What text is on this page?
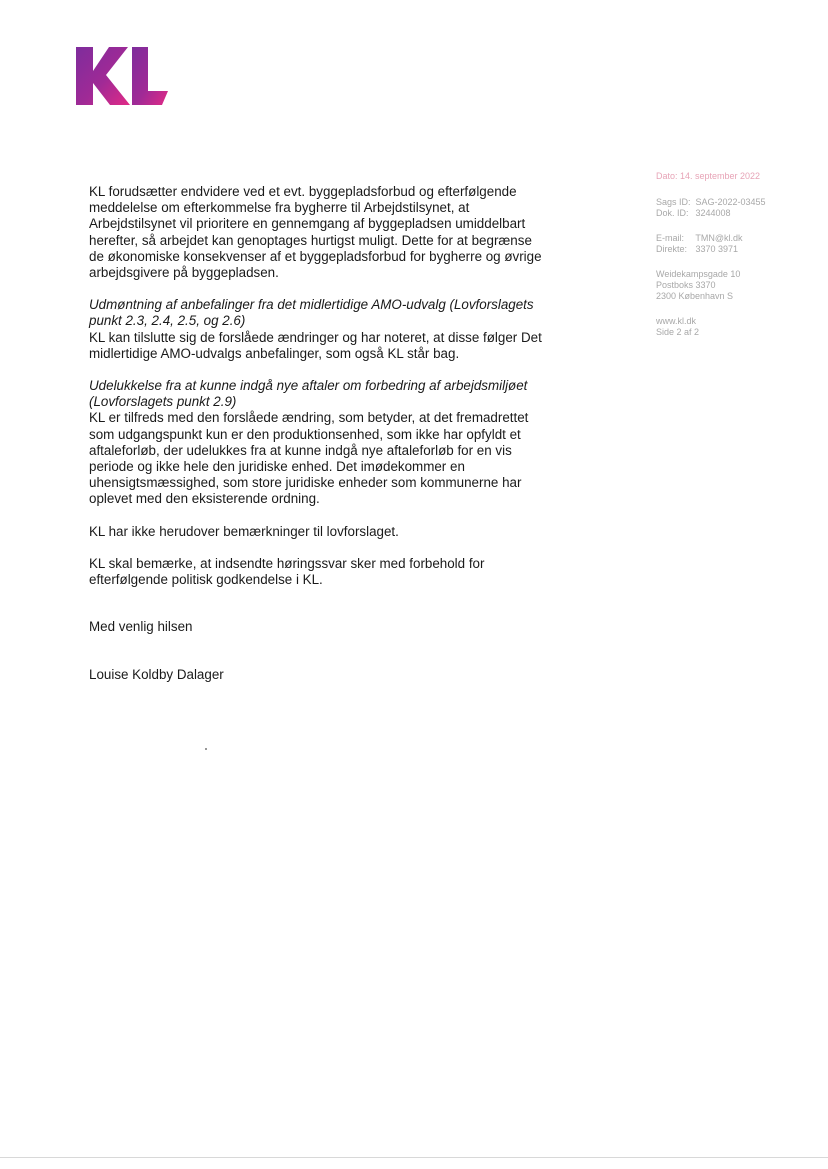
Dato: 14. september 2022
Sags ID: SAG-2022-03455
Dok. ID: 3244008
E-mail: TMN@kl.dk
Direkte: 3370 3971
Weidekampsgade 10
Postboks 3370
2300 København S
www.kl.dk
Side 2 af 2

KL forudsætter endvidere ved et evt. byggepladsforbud og efterfølgende meddelelse om efterkommelse fra bygherre til Arbejdstilsynet, at Arbejdstilsynet vil prioritere en gennemgang af byggepladsen umiddelbart herefter, så arbejdet kan genoptages hurtigst muligt. Dette for at begrænse de økonomiske konsekvenser af et byggepladsforbud for bygherre og øvrige arbejdsgivere på byggepladsen.

Udmøntning af anbefalinger fra det midlertidige AMO-udvalg (Lovforslagets punkt 2.3, 2.4, 2.5, og 2.6)
KL kan tilslutte sig de forslåede ændringer og har noteret, at disse følger Det midlertidige AMO-udvalgs anbefalinger, som også KL står bag.

Udelukkelse fra at kunne indgå nye aftaler om forbedring af arbejdsmiljøet (Lovforslagets punkt 2.9)
KL er tilfreds med den forslåede ændring, som betyder, at det fremadrettet som udgangspunkt kun er den produktionsenhed, som ikke har opfyldt et aftaleforløb, der udelukkes fra at kunne indgå nye aftaleforløb for en vis periode og ikke hele den juridiske enhed. Det imødekommer en uhensigtsmæssighed, som store juridiske enheder som kommunerne har oplevet med den eksisterende ordning.

KL har ikke herudover bemærkninger til lovforslaget.

KL skal bemærke, at indsendte høringssvar sker med forbehold for efterfølgende politisk godkendelse i KL.

Med venlig hilsen

Louise Koldby Dalager
